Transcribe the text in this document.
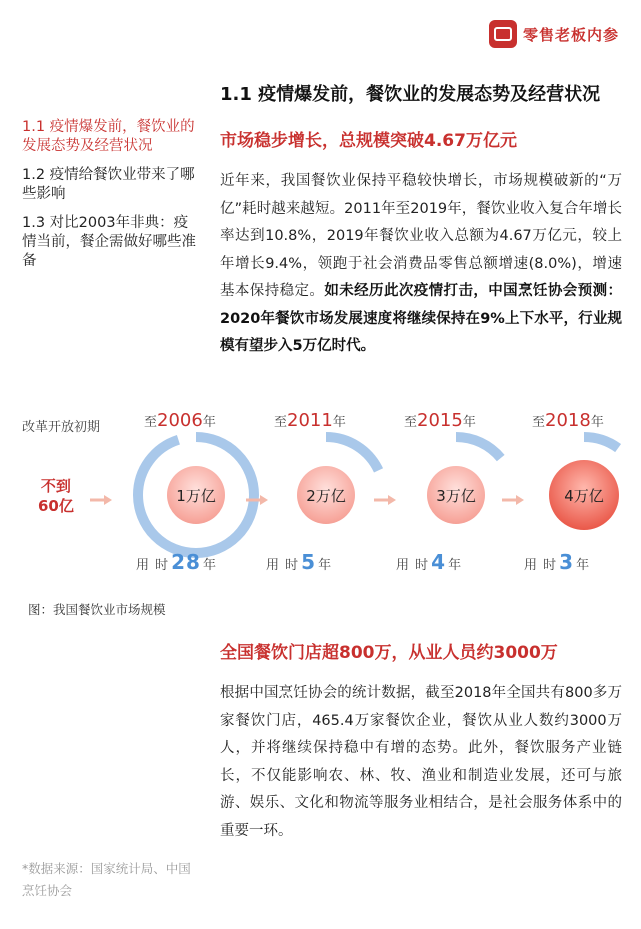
零售老板内参
1.1 疫情爆发前，餐饮业的发展态势及经营状况
1.2 疫情给餐饮业带来了哪些影响
1.3 对比2003年非典：疫情当前，餐企需做好哪些准备
1.1 疫情爆发前，餐饮业的发展态势及经营状况
市场稳步增长，总规模突破4.67万亿元
近年来，我国餐饮业保持平稳较快增长，市场规模破新的“万亿”耗时越来越短。2011年至2019年，餐饮业收入复合年增长率达到10.8%，2019年餐饮业收入总额为4.67万亿元，较上年增长9.4%，领跑于社会消费品零售总额增速(8.0%)，增速基本保持稳定。如未经历此次疫情打击，中国烹饪协会预测：2020年餐饮市场发展速度将继续保持在9%上下水平，行业规模有望步入5万亿时代。
改革开放初期
不到
60亿
至2006年
1万亿
用 时 28 年
至2011年
2万亿
用 时 5 年
至2015年
3万亿
用 时 4 年
至2018年
4万亿
用 时 3 年
图：我国餐饮业市场规模
全国餐饮门店超800万，从业人员约3000万
根据中国烹饪协会的统计数据，截至2018年全国共有800多万家餐饮门店，465.4万家餐饮企业，餐饮从业人数约3000万人，并将继续保持稳中有增的态势。此外，餐饮服务产业链长，不仅能影响农、林、牧、渔业和制造业发展，还可与旅游、娱乐、文化和物流等服务业相结合，是社会服务体系中的重要一环。
*数据来源：国家统计局、中国烹饪协会
